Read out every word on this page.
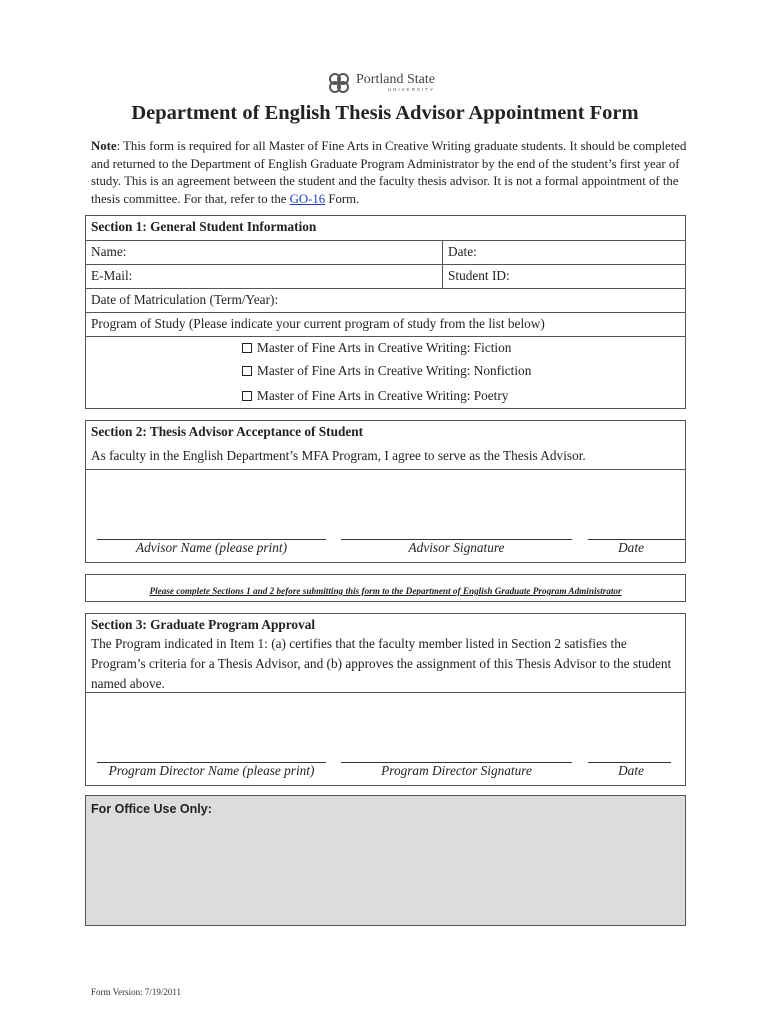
Portland State
UNIVERSITY
Department of English Thesis Advisor Appointment Form
Note: This form is required for all Master of Fine Arts in Creative Writing graduate students. It should be completed and returned to the Department of English Graduate Program Administrator by the end of the student’s first year of study. This is an agreement between the student and the faculty thesis advisor. It is not a formal appointment of the thesis committee. For that, refer to the GO-16 Form.
Section 1: General Student Information
Name:	Date:
E-Mail:	Student ID:
Date of Matriculation (Term/Year):
Program of Study (Please indicate your current program of study from the list below)
Master of Fine Arts in Creative Writing: Fiction
Master of Fine Arts in Creative Writing: Nonfiction
Master of Fine Arts in Creative Writing: Poetry
Section 2: Thesis Advisor Acceptance of Student
As faculty in the English Department’s MFA Program, I agree to serve as the Thesis Advisor.
Advisor Name (please print)	Advisor Signature	Date
Please complete Sections 1 and 2 before submitting this form to the Department of English Graduate Program Administrator
Section 3: Graduate Program Approval
The Program indicated in Item 1: (a) certifies that the faculty member listed in Section 2 satisfies the Program’s criteria for a Thesis Advisor, and (b) approves the assignment of this Thesis Advisor to the student named above.
Program Director Name (please print)	Program Director Signature	Date
For Office Use Only:
Form Version: 7/19/2011
